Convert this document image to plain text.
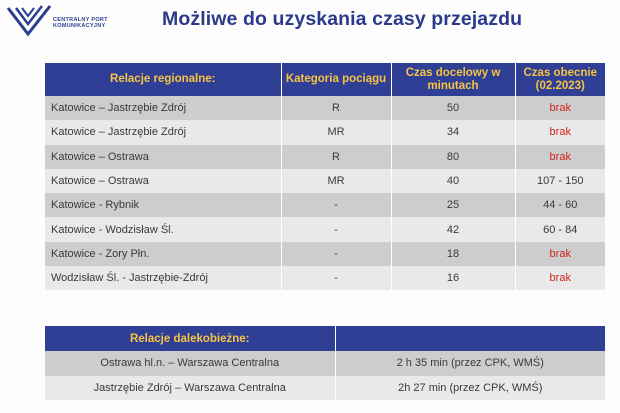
CENTRALNY PORT
KOMUNIKACYJNY	Możliwe do uzyskania czasy przejazdu
Relacje regionalne:	Kategoria pociągu	Czas docelowy w minutach	Czas obecnie (02.2023)
Katowice – Jastrzębie Zdrój	R	50	brak
Katowice – Jastrzębie Zdrój	MR	34	brak
Katowice – Ostrawa	R	80	brak
Katowice – Ostrawa	MR	40	107 - 150
Katowice - Rybnik	-	25	44 - 60
Katowice - Wodzisław Śl.	-	42	60 - 84
Katowice - Zory Płn.	-	18	brak
Wodzisław Śl. - Jastrzębie-Zdrój	-	16	brak
Relacje dalekobieżne:	
Ostrawa hl.n. – Warszawa Centralna	2 h 35 min (przez CPK, WMŚ)
Jastrzębie Zdrój – Warszawa Centralna	2h 27 min (przez CPK, WMŚ)
